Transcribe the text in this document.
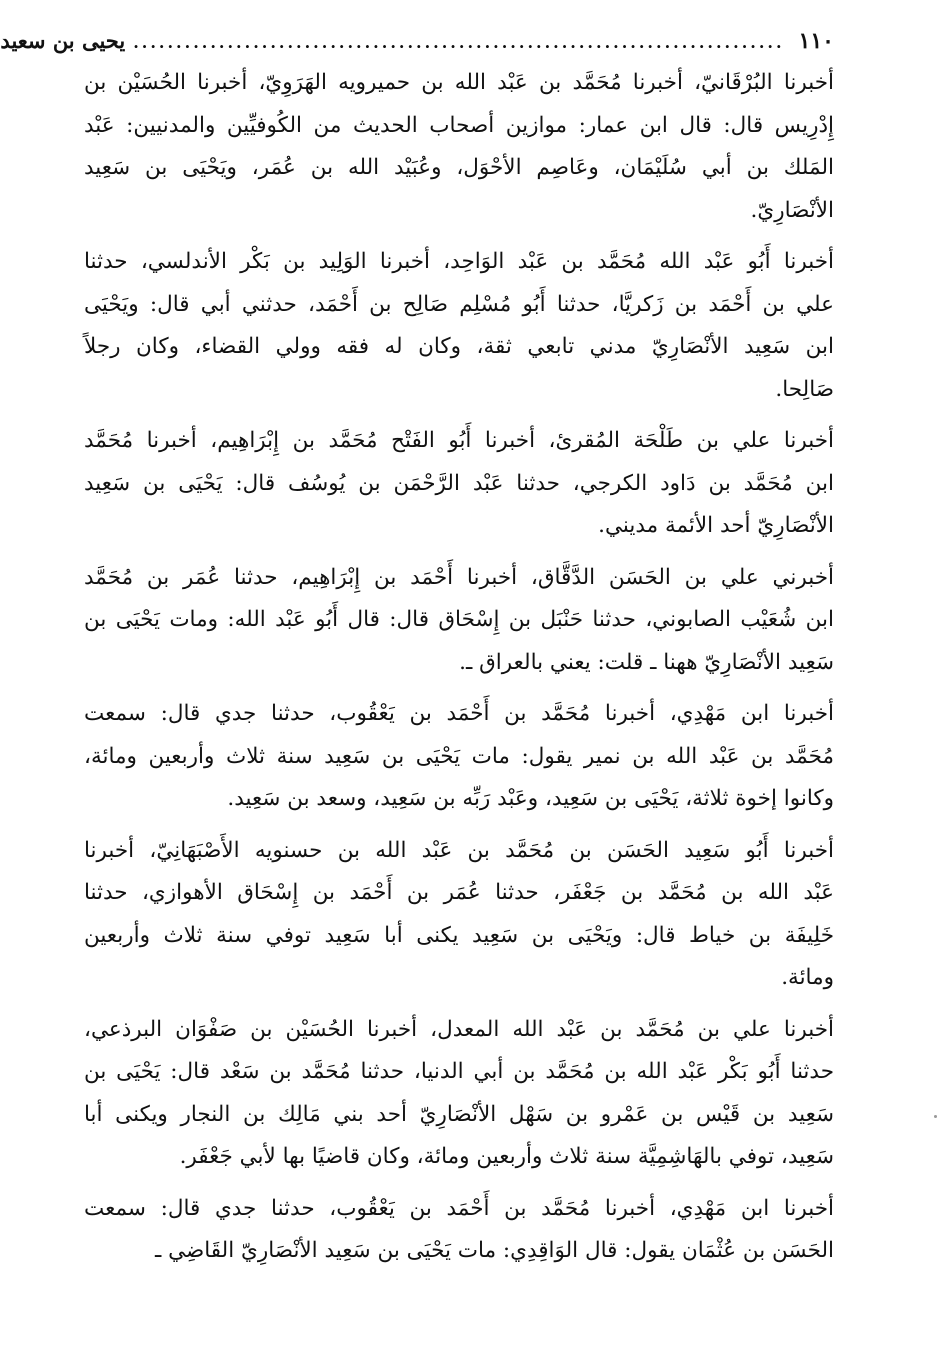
١١٠
............................................................................
يحيى بن سعيد

أخبرنا البُرْقَانيّ، أخبرنا مُحَمَّد بن عَبْد الله بن حميرويه الهَرَوِيّ، أخبرنا الحُسَيْن بن
إِدْرِيس قال: قال ابن عمار: موازين أصحاب الحديث من الكُوفيِّين والمدنيين: عَبْد
المَلك بن أبي سُلَيْمَان، وعَاصِم الأحْوَل، وعُبَيْد الله بن عُمَر، ويَحْيَى بن سَعِيد
الأنْصَارِيّ.

أخبرنا أَبُو عَبْد الله مُحَمَّد بن عَبْد الوَاحِد، أخبرنا الوَلِيد بن بَكْر الأندلسي، حدثنا
علي بن أَحْمَد بن زَكريَّا، حدثنا أَبُو مُسْلِم صَالِح بن أَحْمَد، حدثني أبي قال: ويَحْيَى
ابن سَعِيد الأنْصَارِيّ مدني تابعي ثقة، وكان له فقه وولي القضاء، وكان رجلاً
صَالِحا.

أخبرنا علي بن طَلْحَة المُقرئ، أخبرنا أَبُو الفَتْح مُحَمَّد بن إِبْرَاهِيم، أخبرنا مُحَمَّد
ابن مُحَمَّد بن دَاود الكرجي، حدثنا عَبْد الرَّحْمَن بن يُوسُف قال: يَحْيَى بن سَعِيد
الأنْصَارِيّ أحد الأئمة مديني.

أخبرني علي بن الحَسَن الدَّقَّاق، أخبرنا أَحْمَد بن إِبْرَاهِيم، حدثنا عُمَر بن مُحَمَّد
ابن شُعَيْب الصابوني، حدثنا حَنْبَل بن إِسْحَاق قال: قال أَبُو عَبْد الله: ومات يَحْيَى بن
سَعِيد الأنْصَارِيّ ههنا ـ قلت: يعني بالعراق ـ.

أخبرنا ابن مَهْدِي، أخبرنا مُحَمَّد بن أَحْمَد بن يَعْقُوب، حدثنا جدي قال: سمعت
مُحَمَّد بن عَبْد الله بن نمير يقول: مات يَحْيَى بن سَعِيد سنة ثلاث وأربعين ومائة،
وكانوا إخوة ثلاثة، يَحْيَى بن سَعِيد، وعَبْد رَبِّه بن سَعِيد، وسعد بن سَعِيد.

أخبرنا أَبُو سَعِيد الحَسَن بن مُحَمَّد بن عَبْد الله بن حسنويه الأَصْبَهَانِيّ، أخبرنا
عَبْد الله بن مُحَمَّد بن جَعْفَر، حدثنا عُمَر بن أَحْمَد بن إِسْحَاق الأهوازي، حدثنا
خَلِيفَة بن خياط قال: ويَحْيَى بن سَعِيد يكنى أبا سَعِيد توفي سنة ثلاث وأربعين
ومائة.

أخبرنا علي بن مُحَمَّد بن عَبْد الله المعدل، أخبرنا الحُسَيْن بن صَفْوَان البرذعي،
حدثنا أَبُو بَكْر عَبْد الله بن مُحَمَّد بن أبي الدنيا، حدثنا مُحَمَّد بن سَعْد قال: يَحْيَى بن
سَعِيد بن قَيْس بن عَمْرو بن سَهْل الأنْصَارِيّ أحد بني مَالِك بن النجار ويكنى أبا
سَعِيد، توفي بالهَاشِمِيَّة سنة ثلاث وأربعين ومائة، وكان قاضيًا بها لأبي جَعْفَر.

أخبرنا ابن مَهْدِي، أخبرنا مُحَمَّد بن أَحْمَد بن يَعْقُوب، حدثنا جدي قال: سمعت
الحَسَن بن عُثْمَان يقول: قال الوَاقِدِي: مات يَحْيَى بن سَعِيد الأنْصَارِيّ القَاضِي ـ
